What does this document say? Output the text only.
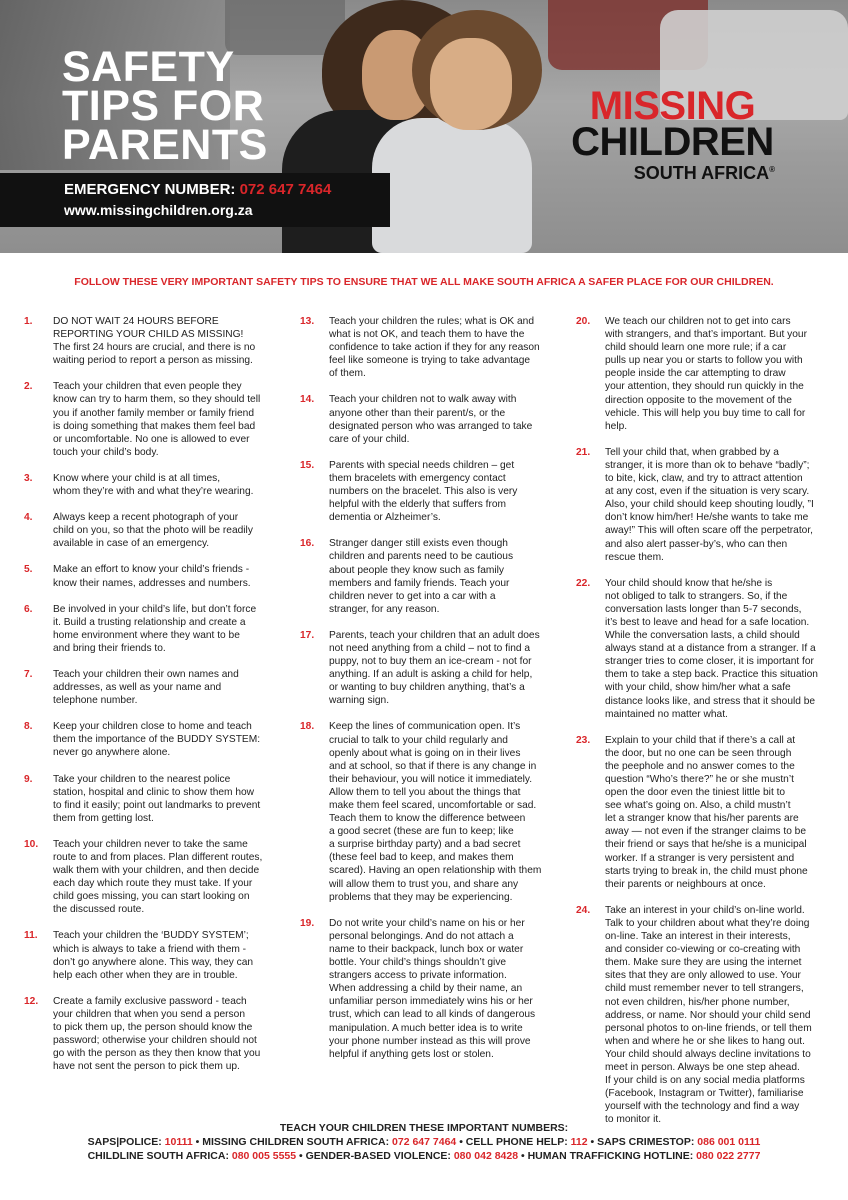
SAFETY
TIPS FOR
PARENTS
EMERGENCY NUMBER: 072 647 7464
www.missingchildren.org.za
MISSING
CHILDREN
SOUTH AFRICA®
FOLLOW THESE VERY IMPORTANT SAFETY TIPS TO ENSURE THAT WE ALL MAKE SOUTH AFRICA A SAFER PLACE FOR OUR CHILDREN.
1. DO NOT WAIT 24 HOURS BEFORE
REPORTING YOUR CHILD AS MISSING!
The first 24 hours are crucial, and there is no
waiting period to report a person as missing.
2. Teach your children that even people they
know can try to harm them, so they should tell
you if another family member or family friend
is doing something that makes them feel bad
or uncomfortable. No one is allowed to ever
touch your child’s body.
3. Know where your child is at all times,
whom they’re with and what they’re wearing.
4. Always keep a recent photograph of your
child on you, so that the photo will be readily
available in case of an emergency.
5. Make an effort to know your child’s friends -
know their names, addresses and numbers.
6. Be involved in your child’s life, but don’t force
it. Build a trusting relationship and create a
home environment where they want to be
and bring their friends to.
7. Teach your children their own names and
addresses, as well as your name and
telephone number.
8. Keep your children close to home and teach
them the importance of the BUDDY SYSTEM:
never go anywhere alone.
9. Take your children to the nearest police
station, hospital and clinic to show them how
to find it easily; point out landmarks to prevent
them from getting lost.
10. Teach your children never to take the same
route to and from places. Plan different routes,
walk them with your children, and then decide
each day which route they must take. If your
child goes missing, you can start looking on
the discussed route.
11. Teach your children the ‘BUDDY SYSTEM’;
which is always to take a friend with them -
don’t go anywhere alone. This way, they can
help each other when they are in trouble.
12. Create a family exclusive password - teach
your children that when you send a person
to pick them up, the person should know the
password; otherwise your children should not
go with the person as they then know that you
have not sent the person to pick them up.
13. Teach your children the rules; what is OK and
what is not OK, and teach them to have the
confidence to take action if they for any reason
feel like someone is trying to take advantage
of them.
14. Teach your children not to walk away with
anyone other than their parent/s, or the
designated person who was arranged to take
care of your child.
15. Parents with special needs children – get
them bracelets with emergency contact
numbers on the bracelet. This also is very
helpful with the elderly that suffers from
dementia or Alzheimer’s.
16. Stranger danger still exists even though
children and parents need to be cautious
about people they know such as family
members and family friends. Teach your
children never to get into a car with a
stranger, for any reason.
17. Parents, teach your children that an adult does
not need anything from a child – not to find a
puppy, not to buy them an ice-cream - not for
anything. If an adult is asking a child for help,
or wanting to buy children anything, that’s a
warning sign.
18. Keep the lines of communication open. It’s
crucial to talk to your child regularly and
openly about what is going on in their lives
and at school, so that if there is any change in
their behaviour, you will notice it immediately.
Allow them to tell you about the things that
make them feel scared, uncomfortable or sad.
Teach them to know the difference between
a good secret (these are fun to keep; like
a surprise birthday party) and a bad secret
(these feel bad to keep, and makes them
scared). Having an open relationship with them
will allow them to trust you, and share any
problems that they may be experiencing.
19. Do not write your child’s name on his or her
personal belongings. And do not attach a
name to their backpack, lunch box or water
bottle. Your child’s things shouldn’t give
strangers access to private information.
When addressing a child by their name, an
unfamiliar person immediately wins his or her
trust, which can lead to all kinds of dangerous
manipulation. A much better idea is to write
your phone number instead as this will prove
helpful if anything gets lost or stolen.
20. We teach our children not to get into cars
with strangers, and that’s important. But your
child should learn one more rule; if a car
pulls up near you or starts to follow you with
people inside the car attempting to draw
your attention, they should run quickly in the
direction opposite to the movement of the
vehicle. This will help you buy time to call for
help.
21. Tell your child that, when grabbed by a
stranger, it is more than ok to behave “badly”;
to bite, kick, claw, and try to attract attention
at any cost, even if the situation is very scary.
Also, your child should keep shouting loudly, ”I
don’t know him/her! He/she wants to take me
away!” This will often scare off the perpetrator,
and also alert passer-by’s, who can then
rescue them.
22. Your child should know that he/she is
not obliged to talk to strangers. So, if the
conversation lasts longer than 5-7 seconds,
it’s best to leave and head for a safe location.
While the conversation lasts, a child should
always stand at a distance from a stranger. If a
stranger tries to come closer, it is important for
them to take a step back. Practice this situation
with your child, show him/her what a safe
distance looks like, and stress that it should be
maintained no matter what.
23. Explain to your child that if there’s a call at
the door, but no one can be seen through
the peephole and no answer comes to the
question “Who’s there?” he or she mustn’t
open the door even the tiniest little bit to
see what’s going on. Also, a child mustn’t
let a stranger know that his/her parents are
away — not even if the stranger claims to be
their friend or says that he/she is a municipal
worker. If a stranger is very persistent and
starts trying to break in, the child must phone
their parents or neighbours at once.
24. Take an interest in your child’s on-line world.
Talk to your children about what they’re doing
on-line. Take an interest in their interests,
and consider co-viewing or co-creating with
them. Make sure they are using the internet
sites that they are only allowed to use. Your
child must remember never to tell strangers,
not even children, his/her phone number,
address, or name. Nor should your child send
personal photos to on-line friends, or tell them
when and where he or she likes to hang out.
Your child should always decline invitations to
meet in person. Always be one step ahead.
If your child is on any social media platforms
(Facebook, Instagram or Twitter), familiarise
yourself with the technology and find a way
to monitor it.
TEACH YOUR CHILDREN THESE IMPORTANT NUMBERS:
SAPS|POLICE: 10111 • MISSING CHILDREN SOUTH AFRICA: 072 647 7464 • CELL PHONE HELP: 112 • SAPS CRIMESTOP: 086 001 0111
CHILDLINE SOUTH AFRICA: 080 005 5555 • GENDER-BASED VIOLENCE: 080 042 8428 • HUMAN TRAFFICKING HOTLINE: 080 022 2777
